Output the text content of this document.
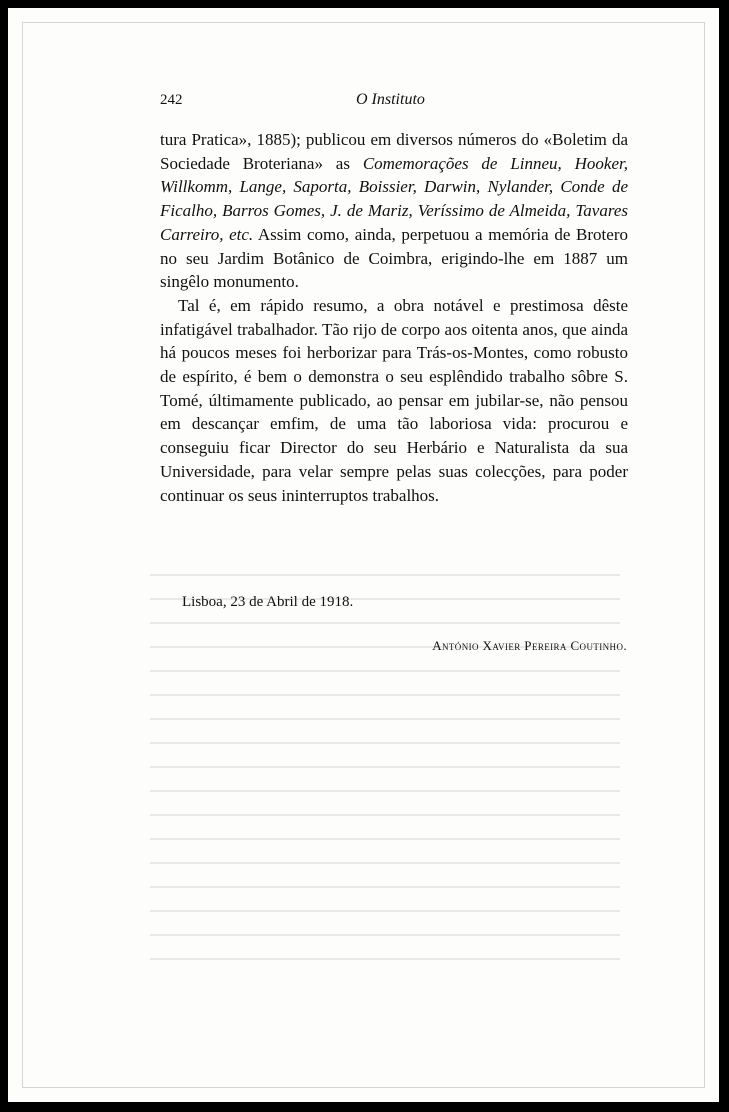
242	O Instituto

tura Pratica», 1885); publicou em diversos números do «Boletim da Sociedade Broteriana» as Comemorações de Linneu, Hooker, Willkomm, Lange, Saporta, Boissier, Darwin, Nylander, Conde de Ficalho, Barros Gomes, J. de Mariz, Veríssimo de Almeida, Tavares Carreiro, etc. Assim como, ainda, perpetuou a memória de Brotero no seu Jardim Botânico de Coimbra, erigindo-lhe em 1887 um singêlo monumento.

Tal é, em rápido resumo, a obra notável e prestimosa dêste infatigável trabalhador. Tão rijo de corpo aos oitenta anos, que ainda há poucos meses foi herborizar para Trás-os-Montes, como robusto de espírito, é bem o demonstra o seu esplêndido trabalho sôbre S. Tomé, últimamente publicado, ao pensar em jubilar-se, não pensou em descançar emfim, de uma tão laboriosa vida: procurou e conseguiu ficar Director do seu Herbário e Naturalista da sua Universidade, para velar sempre pelas suas colecções, para poder continuar os seus ininterruptos trabalhos.

Lisboa, 23 de Abril de 1918.
António Xavier Pereira Coutinho.
